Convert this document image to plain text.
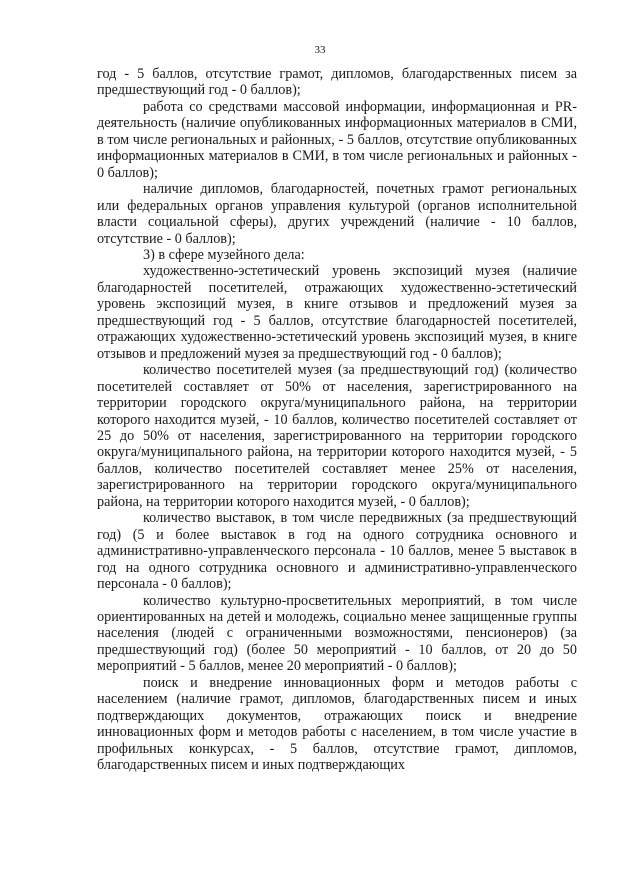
33

год - 5 баллов, отсутствие грамот, дипломов, благодарственных писем за предшествующий год - 0 баллов);

работа со средствами массовой информации, информационная и PR-деятельность (наличие опубликованных информационных материалов в СМИ, в том числе региональных и районных, - 5 баллов, отсутствие опубликованных информационных материалов в СМИ, в том числе региональных и районных - 0 баллов);

наличие дипломов, благодарностей, почетных грамот региональных или федеральных органов управления культурой (органов исполнительной власти социальной сферы), других учреждений (наличие - 10 баллов, отсутствие - 0 баллов);

3) в сфере музейного дела:

художественно-эстетический уровень экспозиций музея (наличие благодарностей посетителей, отражающих художественно-эстетический уровень экспозиций музея, в книге отзывов и предложений музея за предшествующий год - 5 баллов, отсутствие благодарностей посетителей, отражающих художественно-эстетический уровень экспозиций музея, в книге отзывов и предложений музея за предшествующий год - 0 баллов);

количество посетителей музея (за предшествующий год) (количество посетителей составляет от 50% от населения, зарегистрированного на территории городского округа/муниципального района, на территории которого находится музей, - 10 баллов, количество посетителей составляет от 25 до 50% от населения, зарегистрированного на территории городского округа/муниципального района, на территории которого находится музей, - 5 баллов, количество посетителей составляет менее 25% от населения, зарегистрированного на территории городского округа/муниципального района, на территории которого находится музей, - 0 баллов);

количество выставок, в том числе передвижных (за предшествующий год) (5 и более выставок в год на одного сотрудника основного и административно-управленческого персонала - 10 баллов, менее 5 выставок в год на одного сотрудника основного и административно-управленческого персонала - 0 баллов);

количество культурно-просветительных мероприятий, в том числе ориентированных на детей и молодежь, социально менее защищенные группы населения (людей с ограниченными возможностями, пенсионеров) (за предшествующий год) (более 50 мероприятий - 10 баллов, от 20 до 50 мероприятий - 5 баллов, менее 20 мероприятий - 0 баллов);

поиск и внедрение инновационных форм и методов работы с населением (наличие грамот, дипломов, благодарственных писем и иных подтверждающих документов, отражающих поиск и внедрение инновационных форм и методов работы с населением, в том числе участие в профильных конкурсах, - 5 баллов, отсутствие грамот, дипломов, благодарственных писем и иных подтверждающих
